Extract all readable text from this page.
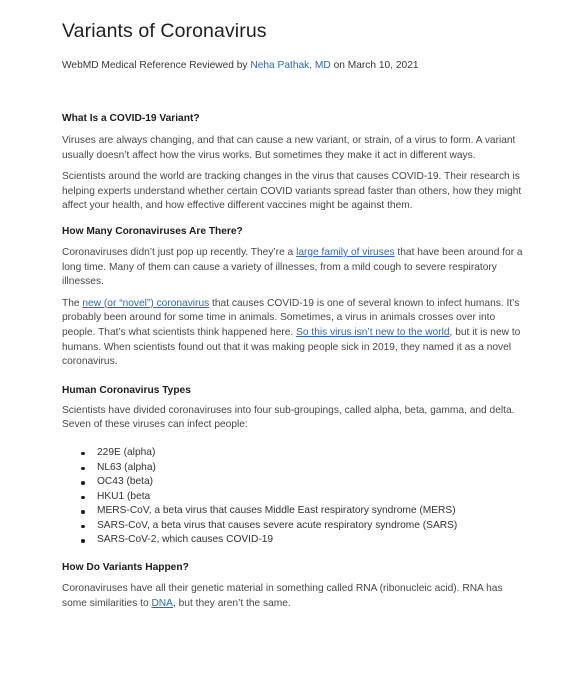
Variants of Coronavirus
WebMD Medical Reference Reviewed by Neha Pathak, MD on March 10, 2021
What Is a COVID-19 Variant?

Viruses are always changing, and that can cause a new variant, or strain, of a virus to form. A variant usually doesn’t affect how the virus works. But sometimes they make it act in different ways.

Scientists around the world are tracking changes in the virus that causes COVID-19. Their research is helping experts understand whether certain COVID variants spread faster than others, how they might affect your health, and how effective different vaccines might be against them.

How Many Coronaviruses Are There?

Coronaviruses didn’t just pop up recently. They’re a large family of viruses that have been around for a long time. Many of them can cause a variety of illnesses, from a mild cough to severe respiratory illnesses.

The new (or “novel”) coronavirus that causes COVID-19 is one of several known to infect humans. It’s probably been around for some time in animals. Sometimes, a virus in animals crosses over into people. That’s what scientists think happened here. So this virus isn’t new to the world, but it is new to humans. When scientists found out that it was making people sick in 2019, they named it as a novel coronavirus.

Human Coronavirus Types

Scientists have divided coronaviruses into four sub-groupings, called alpha, beta, gamma, and delta. Seven of these viruses can infect people:

229E (alpha)
NL63 (alpha)
OC43 (beta)
HKU1 (beta
MERS-CoV, a beta virus that causes Middle East respiratory syndrome (MERS)
SARS-CoV, a beta virus that causes severe acute respiratory syndrome (SARS)
SARS-CoV-2, which causes COVID-19
How Do Variants Happen?

Coronaviruses have all their genetic material in something called RNA (ribonucleic acid). RNA has some similarities to DNA, but they aren’t the same.
